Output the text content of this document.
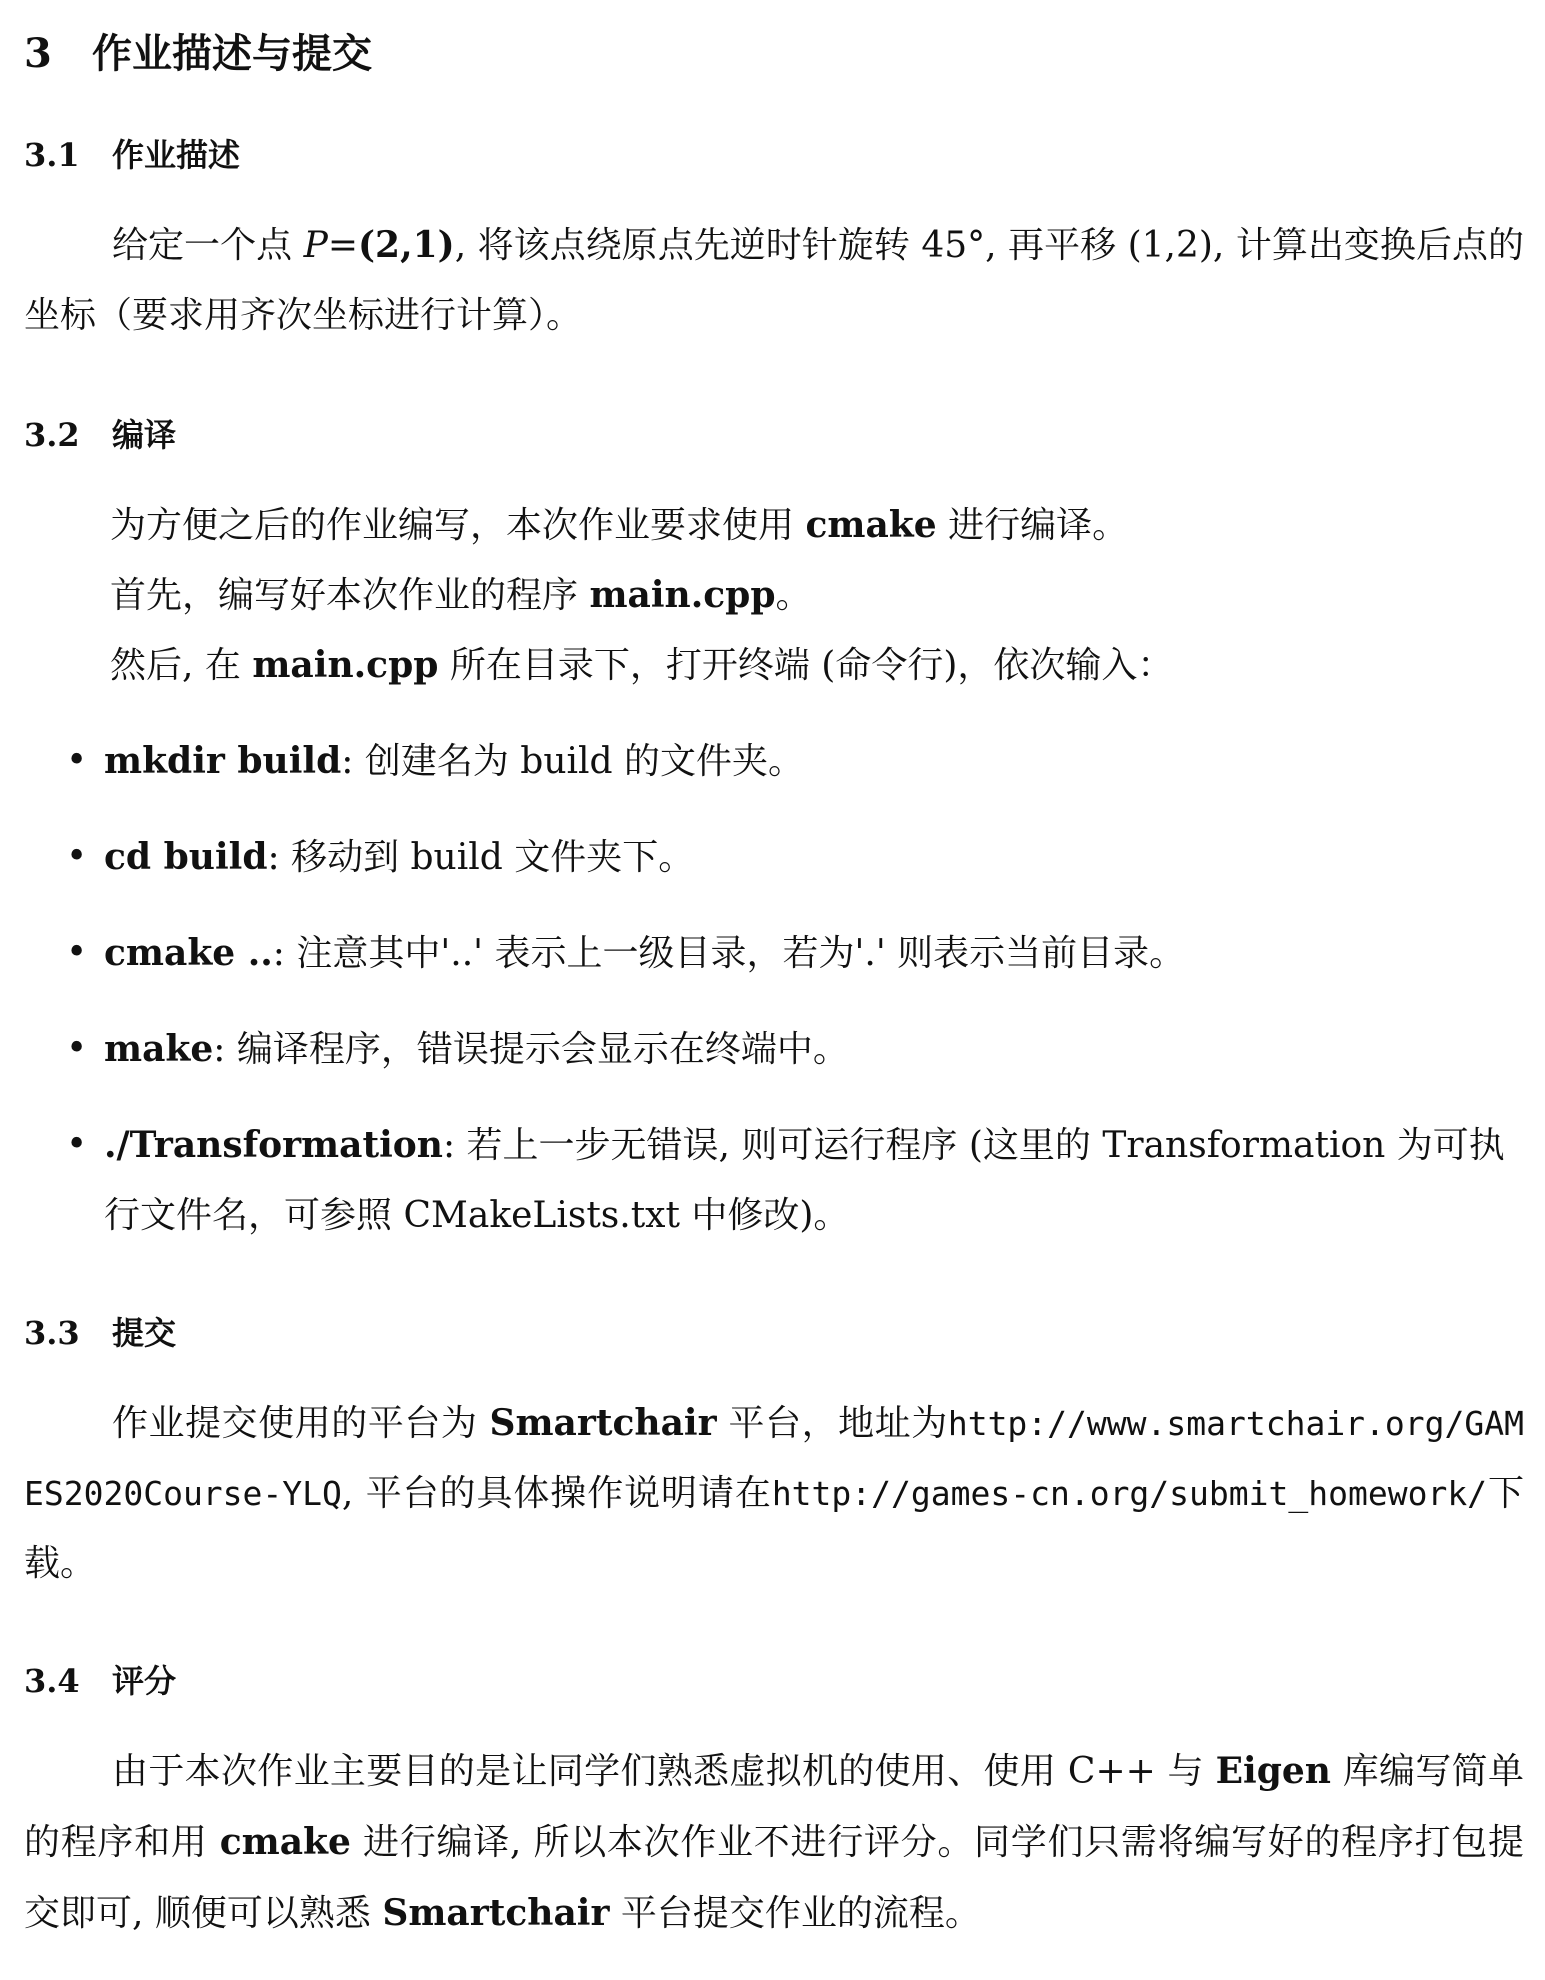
3 作业描述与提交
3.1 作业描述

给定一个点 P=(2,1), 将该点绕原点先逆时针旋转 45°, 再平移 (1,2), 计算出变换后点的坐标（要求用齐次坐标进行计算）。

3.2 编译

为方便之后的作业编写，本次作业要求使用 cmake 进行编译。

首先，编写好本次作业的程序 main.cpp。

然后, 在 main.cpp 所在目录下，打开终端 (命令行)，依次输入：

• mkdir build: 创建名为 build 的文件夹。
• cd build: 移动到 build 文件夹下。
• cmake ..: 注意其中'..' 表示上一级目录，若为'.' 则表示当前目录。
• make: 编译程序，错误提示会显示在终端中。
• ./Transformation: 若上一步无错误, 则可运行程序 (这里的 Transformation 为可执行文件名，可参照 CMakeLists.txt 中修改)。
3.3 提交

作业提交使用的平台为 Smartchair 平台，地址为http://www.smartchair.org/GAMES2020Course-YLQ, 平台的具体操作说明请在http://games-cn.org/submit_homework/下载。

3.4 评分

由于本次作业主要目的是让同学们熟悉虚拟机的使用、使用 C++ 与 Eigen 库编写简单的程序和用 cmake 进行编译, 所以本次作业不进行评分。同学们只需将编写好的程序打包提交即可, 顺便可以熟悉 Smartchair 平台提交作业的流程。
